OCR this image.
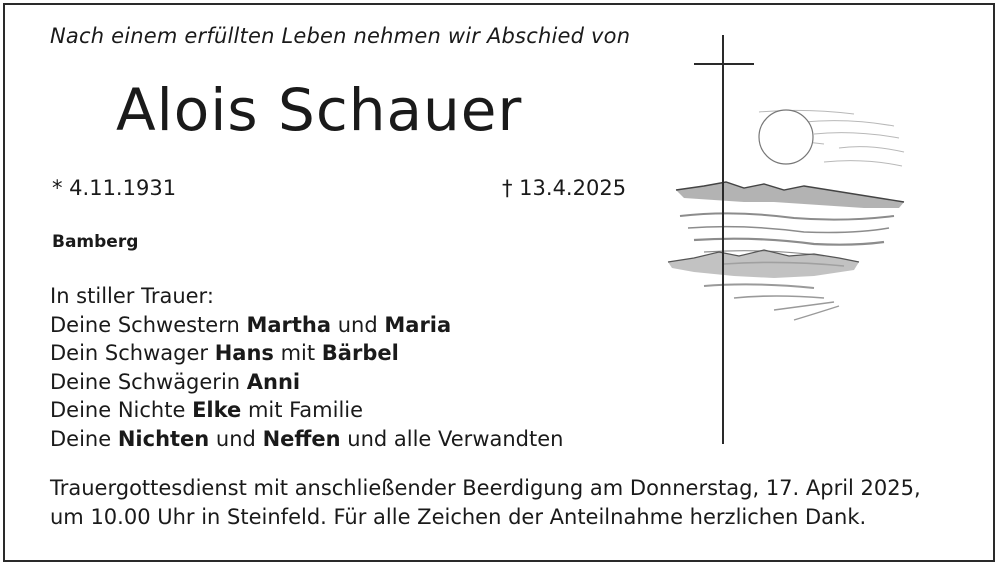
Nach einem erfüllten Leben nehmen wir Abschied von
Alois Schauer
* 4.11.1931	† 13.4.2025
Bamberg
In stiller Trauer:
Deine Schwestern Martha und Maria
Dein Schwager Hans mit Bärbel
Deine Schwägerin Anni
Deine Nichte Elke mit Familie
Deine Nichten und Neffen und alle Verwandten
Trauergottesdienst mit anschließender Beerdigung am Donnerstag, 17. April 2025,
um 10.00 Uhr in Steinfeld. Für alle Zeichen der Anteilnahme herzlichen Dank.
